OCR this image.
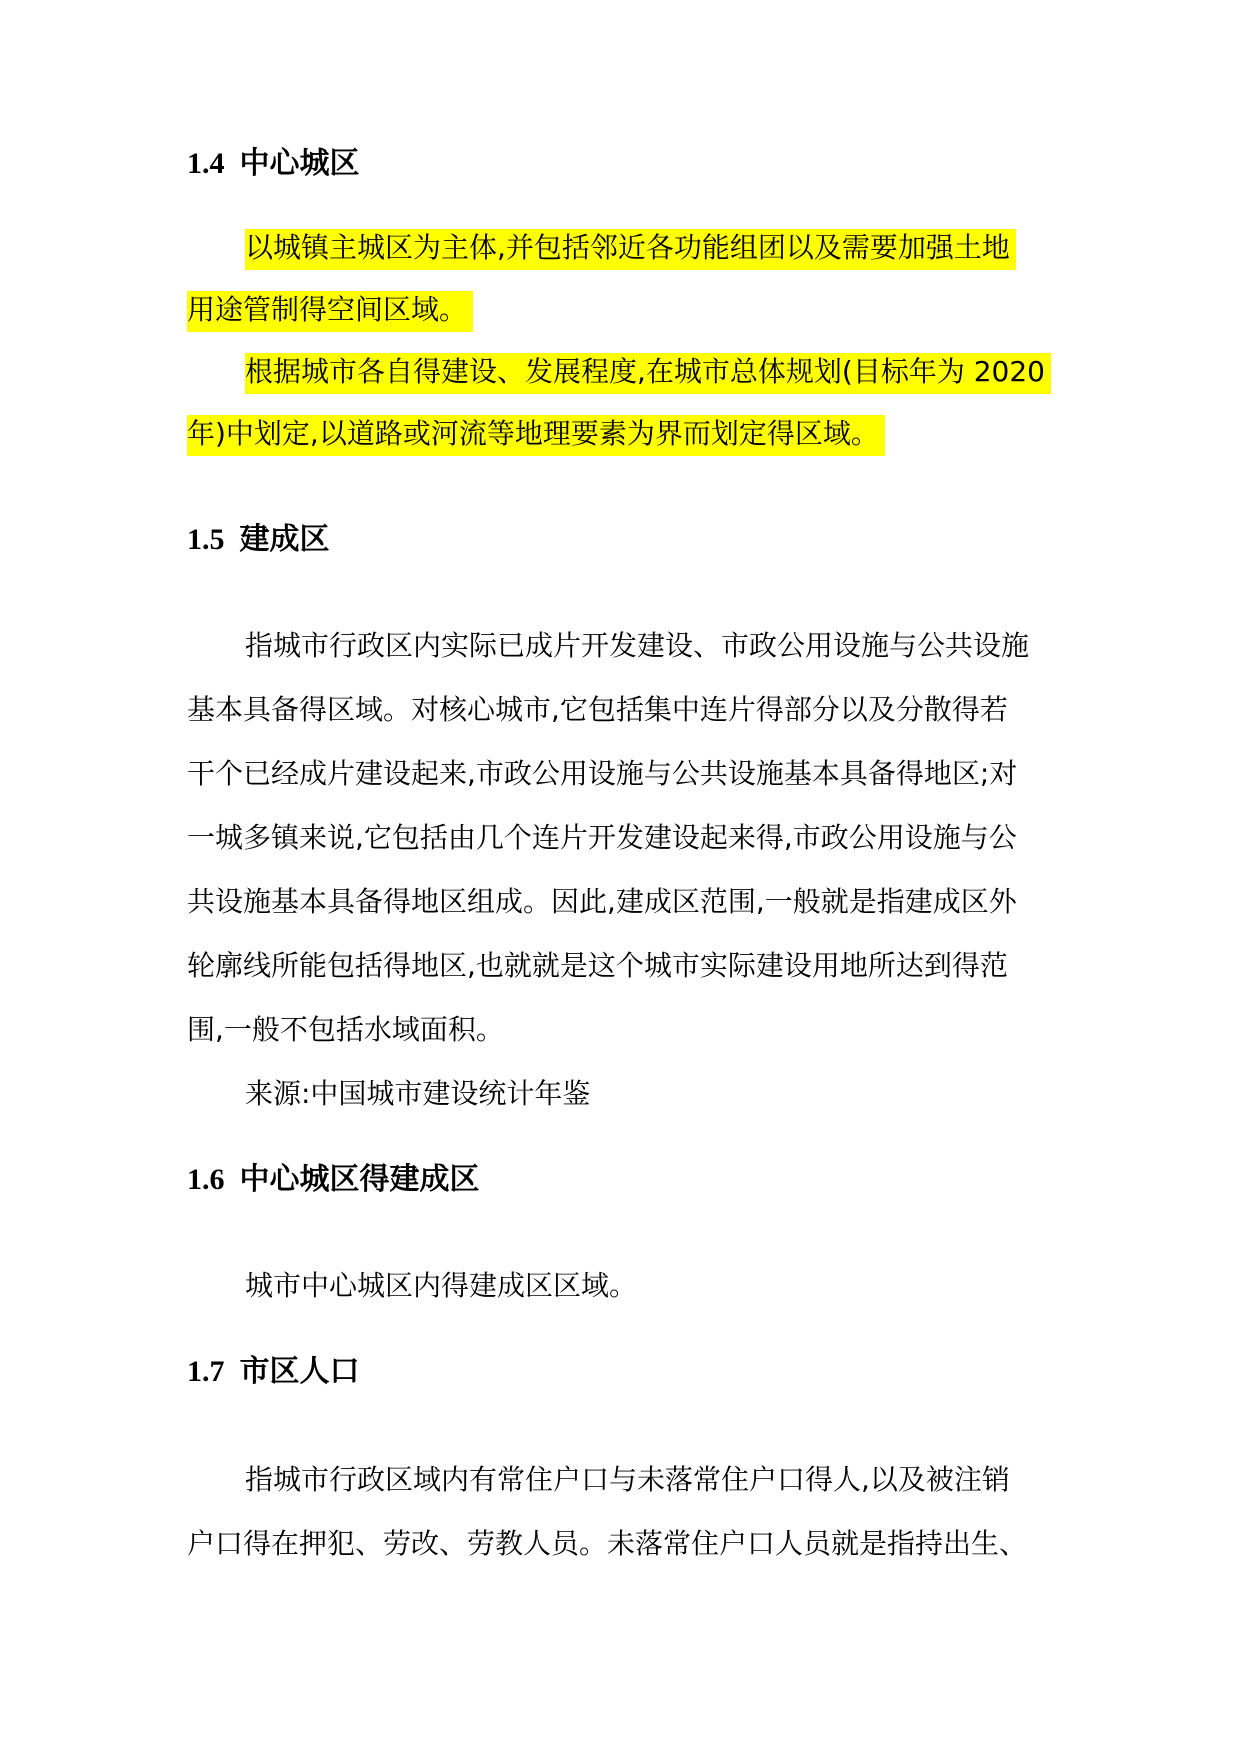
1.4 中心城区
以城镇主城区为主体,并包括邻近各功能组团以及需要加强土地
用途管制得空间区域。
根据城市各自得建设、发展程度,在城市总体规划(目标年为 2020
年)中划定,以道路或河流等地理要素为界而划定得区域。
1.5 建成区
指城市行政区内实际已成片开发建设、市政公用设施与公共设施
基本具备得区域。对核心城市,它包括集中连片得部分以及分散得若
干个已经成片建设起来,市政公用设施与公共设施基本具备得地区;对
一城多镇来说,它包括由几个连片开发建设起来得,市政公用设施与公
共设施基本具备得地区组成。因此,建成区范围,一般就是指建成区外
轮廓线所能包括得地区,也就就是这个城市实际建设用地所达到得范
围,一般不包括水域面积。
来源:中国城市建设统计年鉴
1.6 中心城区得建成区
城市中心城区内得建成区区域。
1.7 市区人口
指城市行政区域内有常住户口与未落常住户口得人,以及被注销
户口得在押犯、劳改、劳教人员。未落常住户口人员就是指持出生、
